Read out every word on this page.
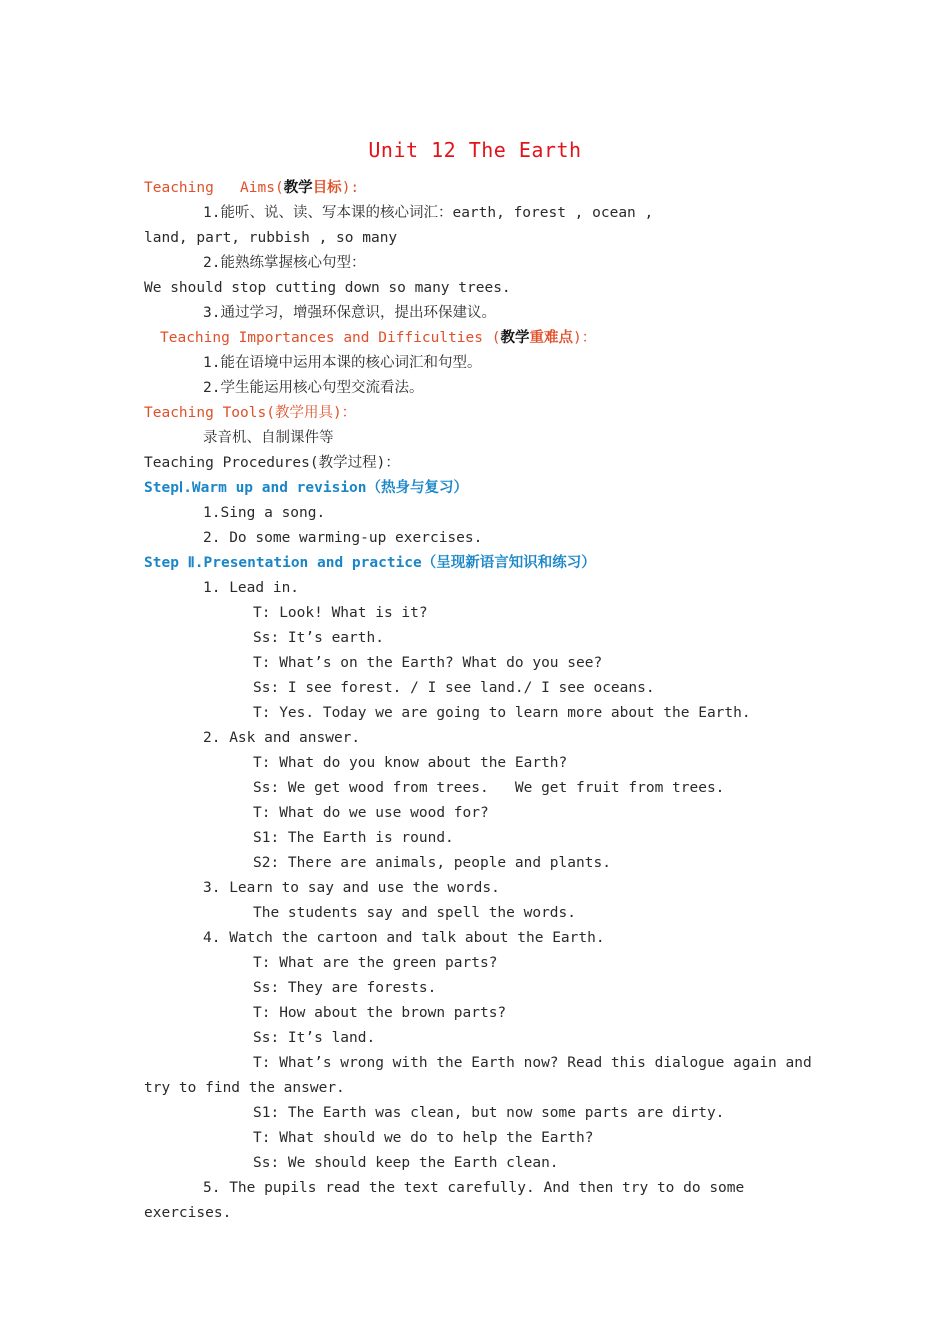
Unit 12 The Earth
Teaching   Aims(教学目标):
1.能听、说、读、写本课的核心词汇：earth, forest , ocean ,
land, part, rubbish , so many
2.能熟练掌握核心句型：
We should stop cutting down so many trees.
3.通过学习，增强环保意识，提出环保建议。
Teaching Importances and Difficulties (教学重难点)：
1.能在语境中运用本课的核心词汇和句型。
2.学生能运用核心句型交流看法。
Teaching Tools(教学用具)：
录音机、自制课件等
Teaching Procedures(教学过程)：
StepⅠ.Warm up and revision（热身与复习）
1.Sing a song.
2. Do some warming-up exercises.
Step Ⅱ.Presentation and practice（呈现新语言知识和练习）
1. Lead in.
T: Look! What is it?
Ss: It’s earth.
T: What’s on the Earth? What do you see?
Ss: I see forest. / I see land./ I see oceans.
T: Yes. Today we are going to learn more about the Earth.
2. Ask and answer.
T: What do you know about the Earth?
Ss: We get wood from trees.   We get fruit from trees.
T: What do we use wood for?
S1: The Earth is round.
S2: There are animals, people and plants.
3. Learn to say and use the words.
The students say and spell the words.
4. Watch the cartoon and talk about the Earth.
T: What are the green parts?
Ss: They are forests.
T: How about the brown parts?
Ss: It’s land.
T: What’s wrong with the Earth now? Read this dialogue again and
try to find the answer.
S1: The Earth was clean, but now some parts are dirty.
T: What should we do to help the Earth?
Ss: We should keep the Earth clean.
5. The pupils read the text carefully. And then try to do some
exercises.
